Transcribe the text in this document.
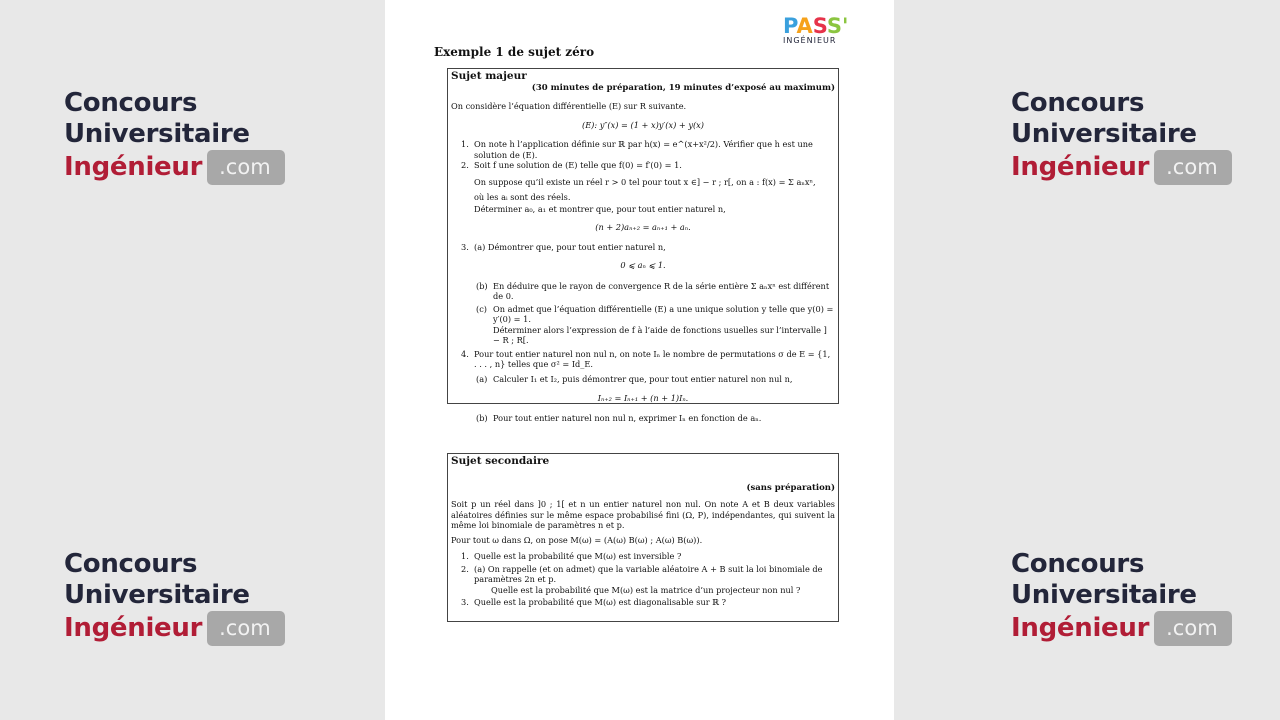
Concours
Universitaire
Ingénieur .com
Concours
Universitaire
Ingénieur .com
Concours
Universitaire
Ingénieur .com
Concours
Universitaire
Ingénieur .com
PASS'
INGÉNIEUR
Exemple 1 de sujet zéro
Sujet majeur
(30 minutes de préparation, 19 minutes d’exposé au maximum)

On considère l’équation différentielle (E) sur R suivante.

(E): y″(x) = (1 + x)y′(x) + y(x)

1. On note h l’application définie sur ℝ par h(x) = e^(x+x²/2). Vérifier que h est une solution de (E).
2. Soit f une solution de (E) telle que f(0) = f′(0) = 1.

On suppose qu’il existe un réel r > 0 tel pour tout x ∈] − r ; r[, on a : f(x) = Σ aₙxⁿ,

où les aᵢ sont des réels.

Déterminer a₀, a₁ et montrer que, pour tout entier naturel n,

(n + 2)aₙ₊₂ = aₙ₊₁ + aₙ.

3. (a) Démontrer que, pour tout entier naturel n,

0 ⩽ aₙ ⩽ 1.

(b) En déduire que le rayon de convergence R de la série entière Σ aₙxⁿ est différent de 0.
(c) On admet que l’équation différentielle (E) a une unique solution y telle que y(0) = y′(0) = 1.

Déterminer alors l’expression de f à l’aide de fonctions usuelles sur l’intervalle ] − R ; R[.

4. Pour tout entier naturel non nul n, on note Iₙ le nombre de permutations σ de E = {1, . . . , n} telles que σ² = Id_E.
(a) Calculer I₁ et I₂, puis démontrer que, pour tout entier naturel non nul n,

Iₙ₊₂ = Iₙ₊₁ + (n + 1)Iₙ.

(b) Pour tout entier naturel non nul n, exprimer Iₙ en fonction de aₙ.
Sujet secondaire
(sans préparation)

Soit p un réel dans ]0 ; 1[ et n un entier naturel non nul. On note A et B deux variables aléatoires définies sur le même espace probabilisé fini (Ω, P), indépendantes, qui suivent la même loi binomiale de paramètres n et p.

Pour tout ω dans Ω, on pose M(ω) = (A(ω) B(ω) ; A(ω) B(ω)).

1. Quelle est la probabilité que M(ω) est inversible ?
2. (a) On rappelle (et on admet) que la variable aléatoire A + B suit la loi binomiale de paramètres 2n et p.

Quelle est la probabilité que M(ω) est la matrice d’un projecteur non nul ?

3. Quelle est la probabilité que M(ω) est diagonalisable sur ℝ ?
